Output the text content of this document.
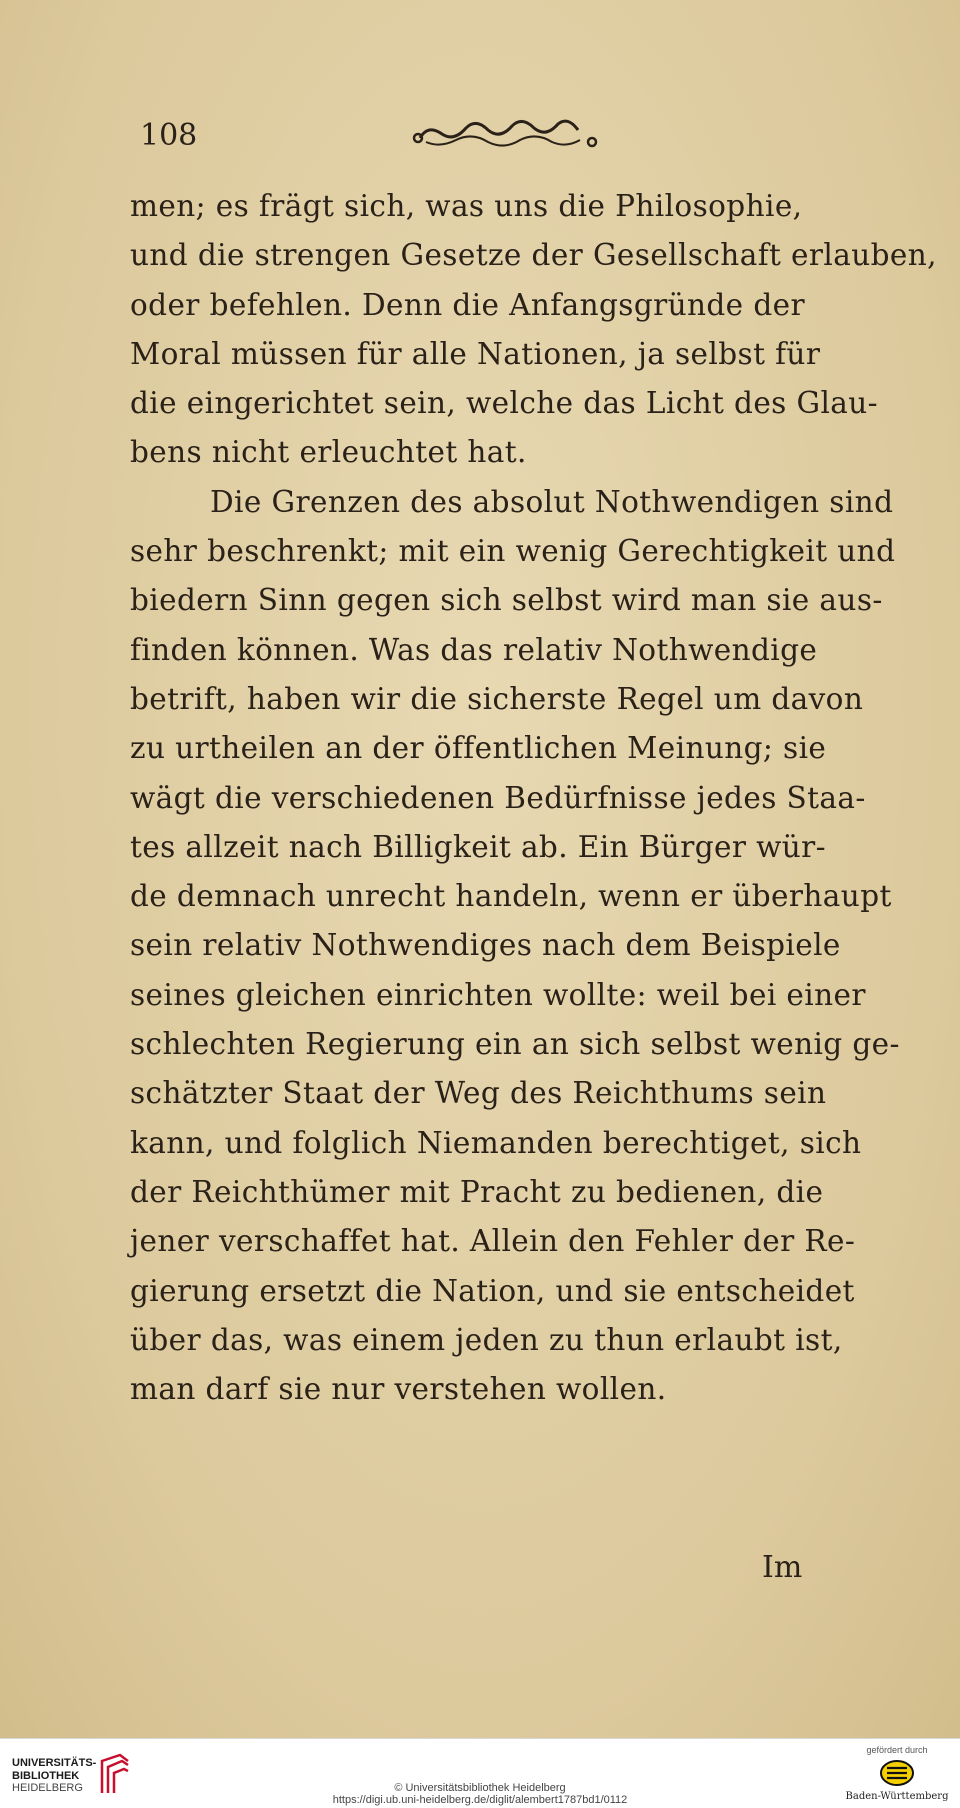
108
men; es frägt sich, was uns die Philosophie,
und die strengen Gesetze der Gesellschaft erlauben,
oder befehlen. Denn die Anfangsgründe der
Moral müssen für alle Nationen, ja selbst für
die eingerichtet sein, welche das Licht des Glau-
bens nicht erleuchtet hat.
Die Grenzen des absolut Nothwendigen sind
sehr beschrenkt; mit ein wenig Gerechtigkeit und
biedern Sinn gegen sich selbst wird man sie aus-
finden können. Was das relativ Nothwendige
betrift, haben wir die sicherste Regel um davon
zu urtheilen an der öffentlichen Meinung; sie
wägt die verschiedenen Bedürfnisse jedes Staa-
tes allzeit nach Billigkeit ab. Ein Bürger wür-
de demnach unrecht handeln, wenn er überhaupt
sein relativ Nothwendiges nach dem Beispiele
seines gleichen einrichten wollte: weil bei einer
schlechten Regierung ein an sich selbst wenig ge-
schätzter Staat der Weg des Reichthums sein
kann, und folglich Niemanden berechtiget, sich
der Reichthümer mit Pracht zu bedienen, die
jener verschaffet hat. Allein den Fehler der Re-
gierung ersetzt die Nation, und sie entscheidet
über das, was einem jeden zu thun erlaubt ist,
man darf sie nur verstehen wollen.
Im
UNIVERSITÄTS-
BIBLIOTHEK
HEIDELBERG	© Universitätsbibliothek Heidelberg
https://digi.ub.uni-heidelberg.de/diglit/alembert1787bd1/0112
gefördert durch
Baden-Württemberg
